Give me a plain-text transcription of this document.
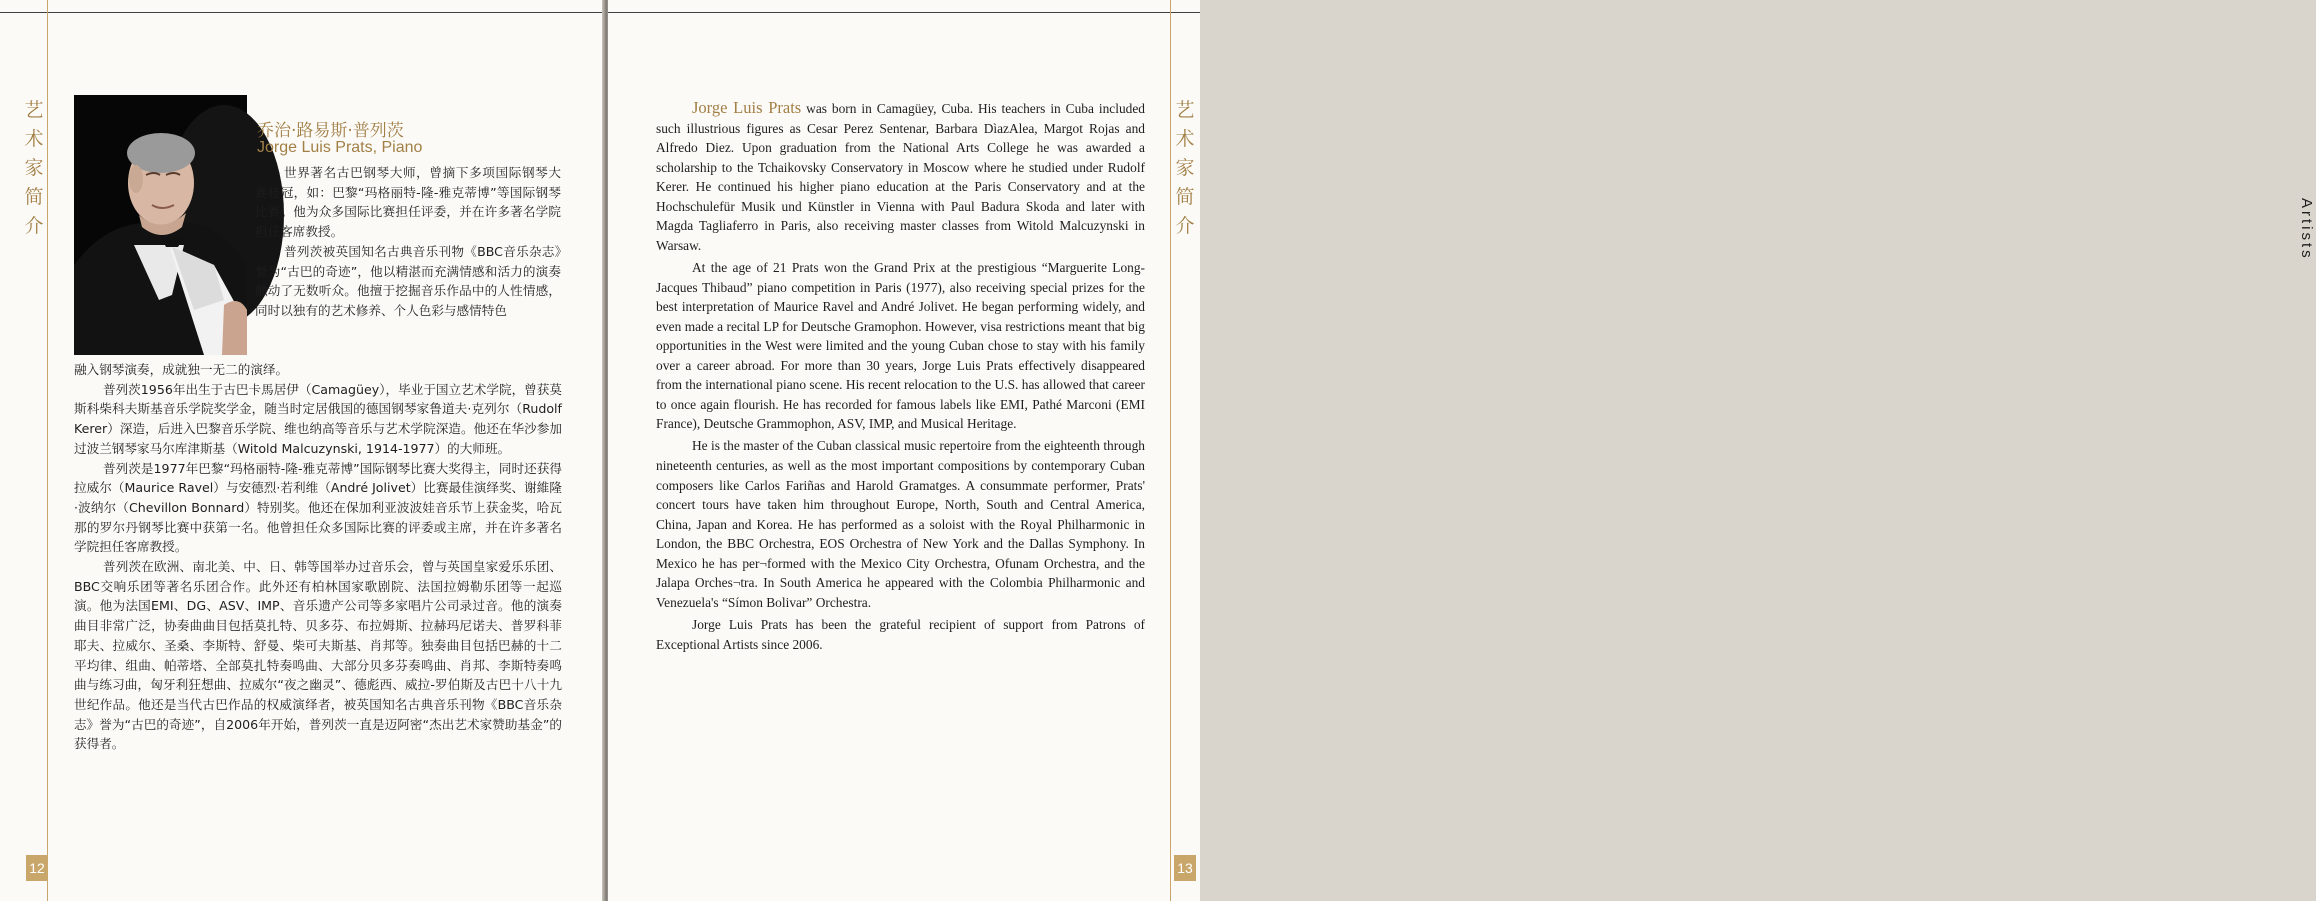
艺
术
家
简
介
12
乔治·路易斯·普列茨
Jorge Luis Prats, Piano

世界著名古巴钢琴大师，曾摘下多项国际钢琴大赛桂冠，如：巴黎“玛格丽特-隆-雅克蒂博”等国际钢琴比赛。他为众多国际比赛担任评委，并在许多著名学院担任客席教授。

普列茨被英国知名古典音乐刊物《BBC音乐杂志》誉为“古巴的奇迹”，他以精湛而充满情感和活力的演奏触动了无数听众。他擅于挖掘音乐作品中的人性情感，同时以独有的艺术修养、个人色彩与感情特色

融入钢琴演奏，成就独一无二的演绎。

普列茨1956年出生于古巴卡馬居伊（Camagüey），毕业于国立艺术学院，曾获莫斯科柴科夫斯基音乐学院奖学金，随当时定居俄国的德国钢琴家鲁道夫·克列尔（Rudolf Kerer）深造，后进入巴黎音乐学院、维也纳高等音乐与艺术学院深造。他还在华沙参加过波兰钢琴家马尔库津斯基（Witold Malcuzynski, 1914-1977）的大师班。

普列茨是1977年巴黎“玛格丽特-隆-雅克蒂博”国际钢琴比赛大奖得主，同时还获得拉威尔（Maurice Ravel）与安德烈·若利维（André Jolivet）比赛最佳演绎奖、谢維隆·波纳尔（Chevillon Bonnard）特别奖。他还在保加利亚波波娃音乐节上获金奖，哈瓦那的罗尔丹钢琴比赛中获第一名。他曾担任众多国际比赛的评委或主席，并在许多著名学院担任客席教授。

普列茨在欧洲、南北美、中、日、韩等国举办过音乐会，曾与英国皇家爱乐乐团、BBC交响乐团等著名乐团合作。此外还有柏林国家歌剧院、法国拉姆勒乐团等一起巡演。他为法国EMI、DG、ASV、IMP、音乐遗产公司等多家唱片公司录过音。他的演奏曲目非常广泛，协奏曲曲目包括莫扎特、贝多芬、布拉姆斯、拉赫玛尼诺夫、普罗科菲耶夫、拉威尔、圣桑、李斯特、舒曼、柴可夫斯基、肖邦等。独奏曲目包括巴赫的十二平均律、组曲、帕蒂塔、全部莫扎特奏鸣曲、大部分贝多芬奏鸣曲、肖邦、李斯特奏鸣曲与练习曲，匈牙利狂想曲、拉威尔“夜之幽灵”、德彪西、威拉-罗伯斯及古巴十八十九世纪作品。他还是当代古巴作品的权威演绎者，被英国知名古典音乐刊物《BBC音乐杂志》誉为“古巴的奇迹”，自2006年开始，普列茨一直是迈阿密“杰出艺术家赞助基金”的获得者。

艺
术
家
简
介	Artists
13

Jorge Luis Prats was born in Camagüey, Cuba. His teachers in Cuba included such illustrious figures as Cesar Perez Sentenar, Barbara DìazAlea, Margot Rojas and Alfredo Diez. Upon graduation from the National Arts College he was awarded a scholarship to the Tchaikovsky Conservatory in Moscow where he studied under Rudolf Kerer. He continued his higher piano education at the Paris Conservatory and at the Hochschulefür Musik und Künstler in Vienna with Paul Badura Skoda and later with Magda Tagliaferro in Paris, also receiving master classes from Witold Malcuzynski in Warsaw.

At the age of 21 Prats won the Grand Prix at the prestigious “Marguerite Long-Jacques Thibaud” piano competition in Paris (1977), also receiving special prizes for the best interpretation of Maurice Ravel and André Jolivet. He began performing widely, and even made a recital LP for Deutsche Gramophon. However, visa restrictions meant that big opportunities in the West were limited and the young Cuban chose to stay with his family over a career abroad. For more than 30 years, Jorge Luis Prats effectively disappeared from the international piano scene. His recent relocation to the U.S. has allowed that career to once again flourish. He has recorded for famous labels like EMI, Pathé Marconi (EMI France), Deutsche Grammophon, ASV, IMP, and Musical Heritage.

He is the master of the Cuban classical music repertoire from the eighteenth through nineteenth centuries, as well as the most important compositions by contemporary Cuban composers like Carlos Fariñas and Harold Gramatges. A consummate performer, Prats' concert tours have taken him throughout Europe, North, South and Central America, China, Japan and Korea. He has performed as a soloist with the Royal Philharmonic in London, the BBC Orchestra, EOS Orchestra of New York and the Dallas Symphony. In Mexico he has per¬formed with the Mexico City Orchestra, Ofunam Orchestra, and the Jalapa Orches¬tra. In South America he appeared with the Colombia Philharmonic and Venezuela's “Símon Bolivar” Orchestra.

Jorge Luis Prats has been the grateful recipient of support from Patrons of Exceptional Artists since 2006.
